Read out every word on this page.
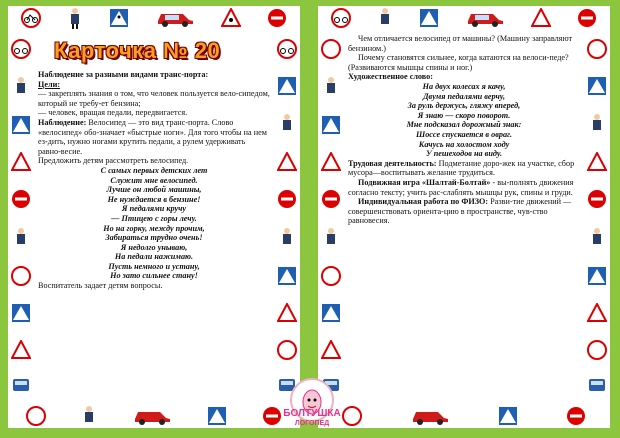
Карточка № 20

Наблюдение за разными видами транс-порта:

Цели:

— закреплять знания о том, что человек пользуется вело-сипедом, который не требу-ет бензина;

— человек, вращая педали, передвигается.

Наблюдение: Велосипед — это вид транс-порта. Слово «велосипед» обо-значает «быстрые ноги». Для того чтобы на нем ез-дить, нужно ногами крутить педали, а рулем удерживать равно-весие.

Предложить детям рассмотреть велосипед.

С самых первых детских лет

Служит мне велосипед.

Лучше он любой машины,

Не нуждается в бензине!

Я педалями кручу

— Птицею с горы лечу.

Но на горку, между прочим,

Забираться трудно очень!

Я недолго унываю,

На педали нажимаю.

Пусть немного и устану,

Но зато сильнее стану!

Воспитатель задает детям вопросы.

Чем отличается велосипед от машины? (Машину заправляют бензином.)

Почему становятся сильнее, когда катаются на велоси-педе? (Развиваются мышцы спины и ног.)

Художественное слово:

На двух колесах я качу,

Двумя педалями верчу,

За руль держусь, гляжу вперед,

Я знаю — скоро поворот.

Мне подсказал дорожный знак:

Шоссе спускается в овраг.

Качусь на холостом ходу

У пешеходов на виду.

Трудовая деятельность: Подметание доро-жек на участке, сбор мусора—воспитывать желание трудиться.

Подвижная игра «Шалтай-Болтай» - вы-полнять движения согласно тексту; учить рас-слаблять мышцы рук, спины и груди.

Индивидуальная работа по ФИЗО: Разви-тие движений — совершенствовать ориента-цию в пространстве, чув-ство равновесия.

БОЛТУШКА
ЛОГОПЕД
